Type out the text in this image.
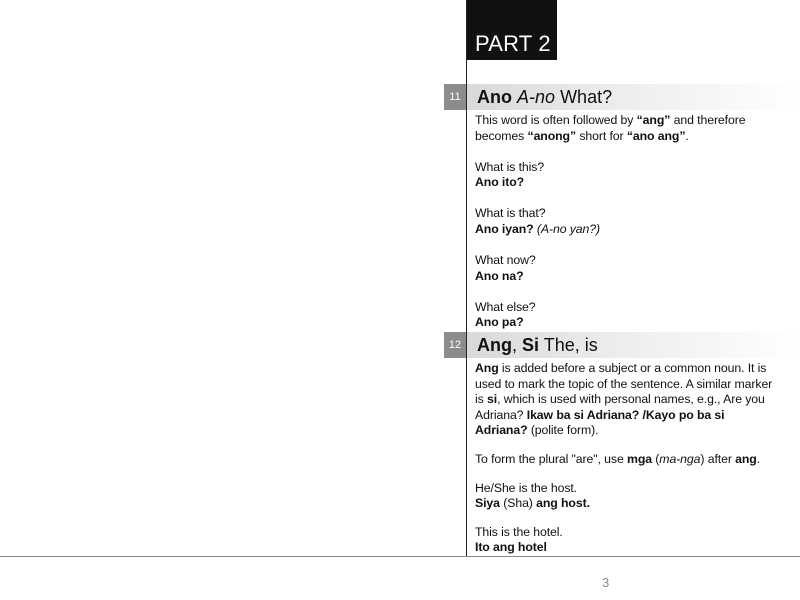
PART 2
11 Ano A-no What?

This word is often followed by “ang” and therefore becomes “anong” short for “ano ang”.

What is this?

Ano ito?

What is that?

Ano iyan? (A-no yan?)

What now?

Ano na?

What else?

Ano pa?

12 Ang, Si The, is

Ang is added before a subject or a common noun. It is used to mark the topic of the sentence. A similar marker is si, which is used with personal names, e.g., Are you Adriana? Ikaw ba si Adriana? /Kayo po ba si Adriana? (polite form).

To form the plural "are", use mga (ma-nga) after ang.

He/She is the host.

Siya (Sha) ang host.

This is the hotel.

Ito ang hotel

3
